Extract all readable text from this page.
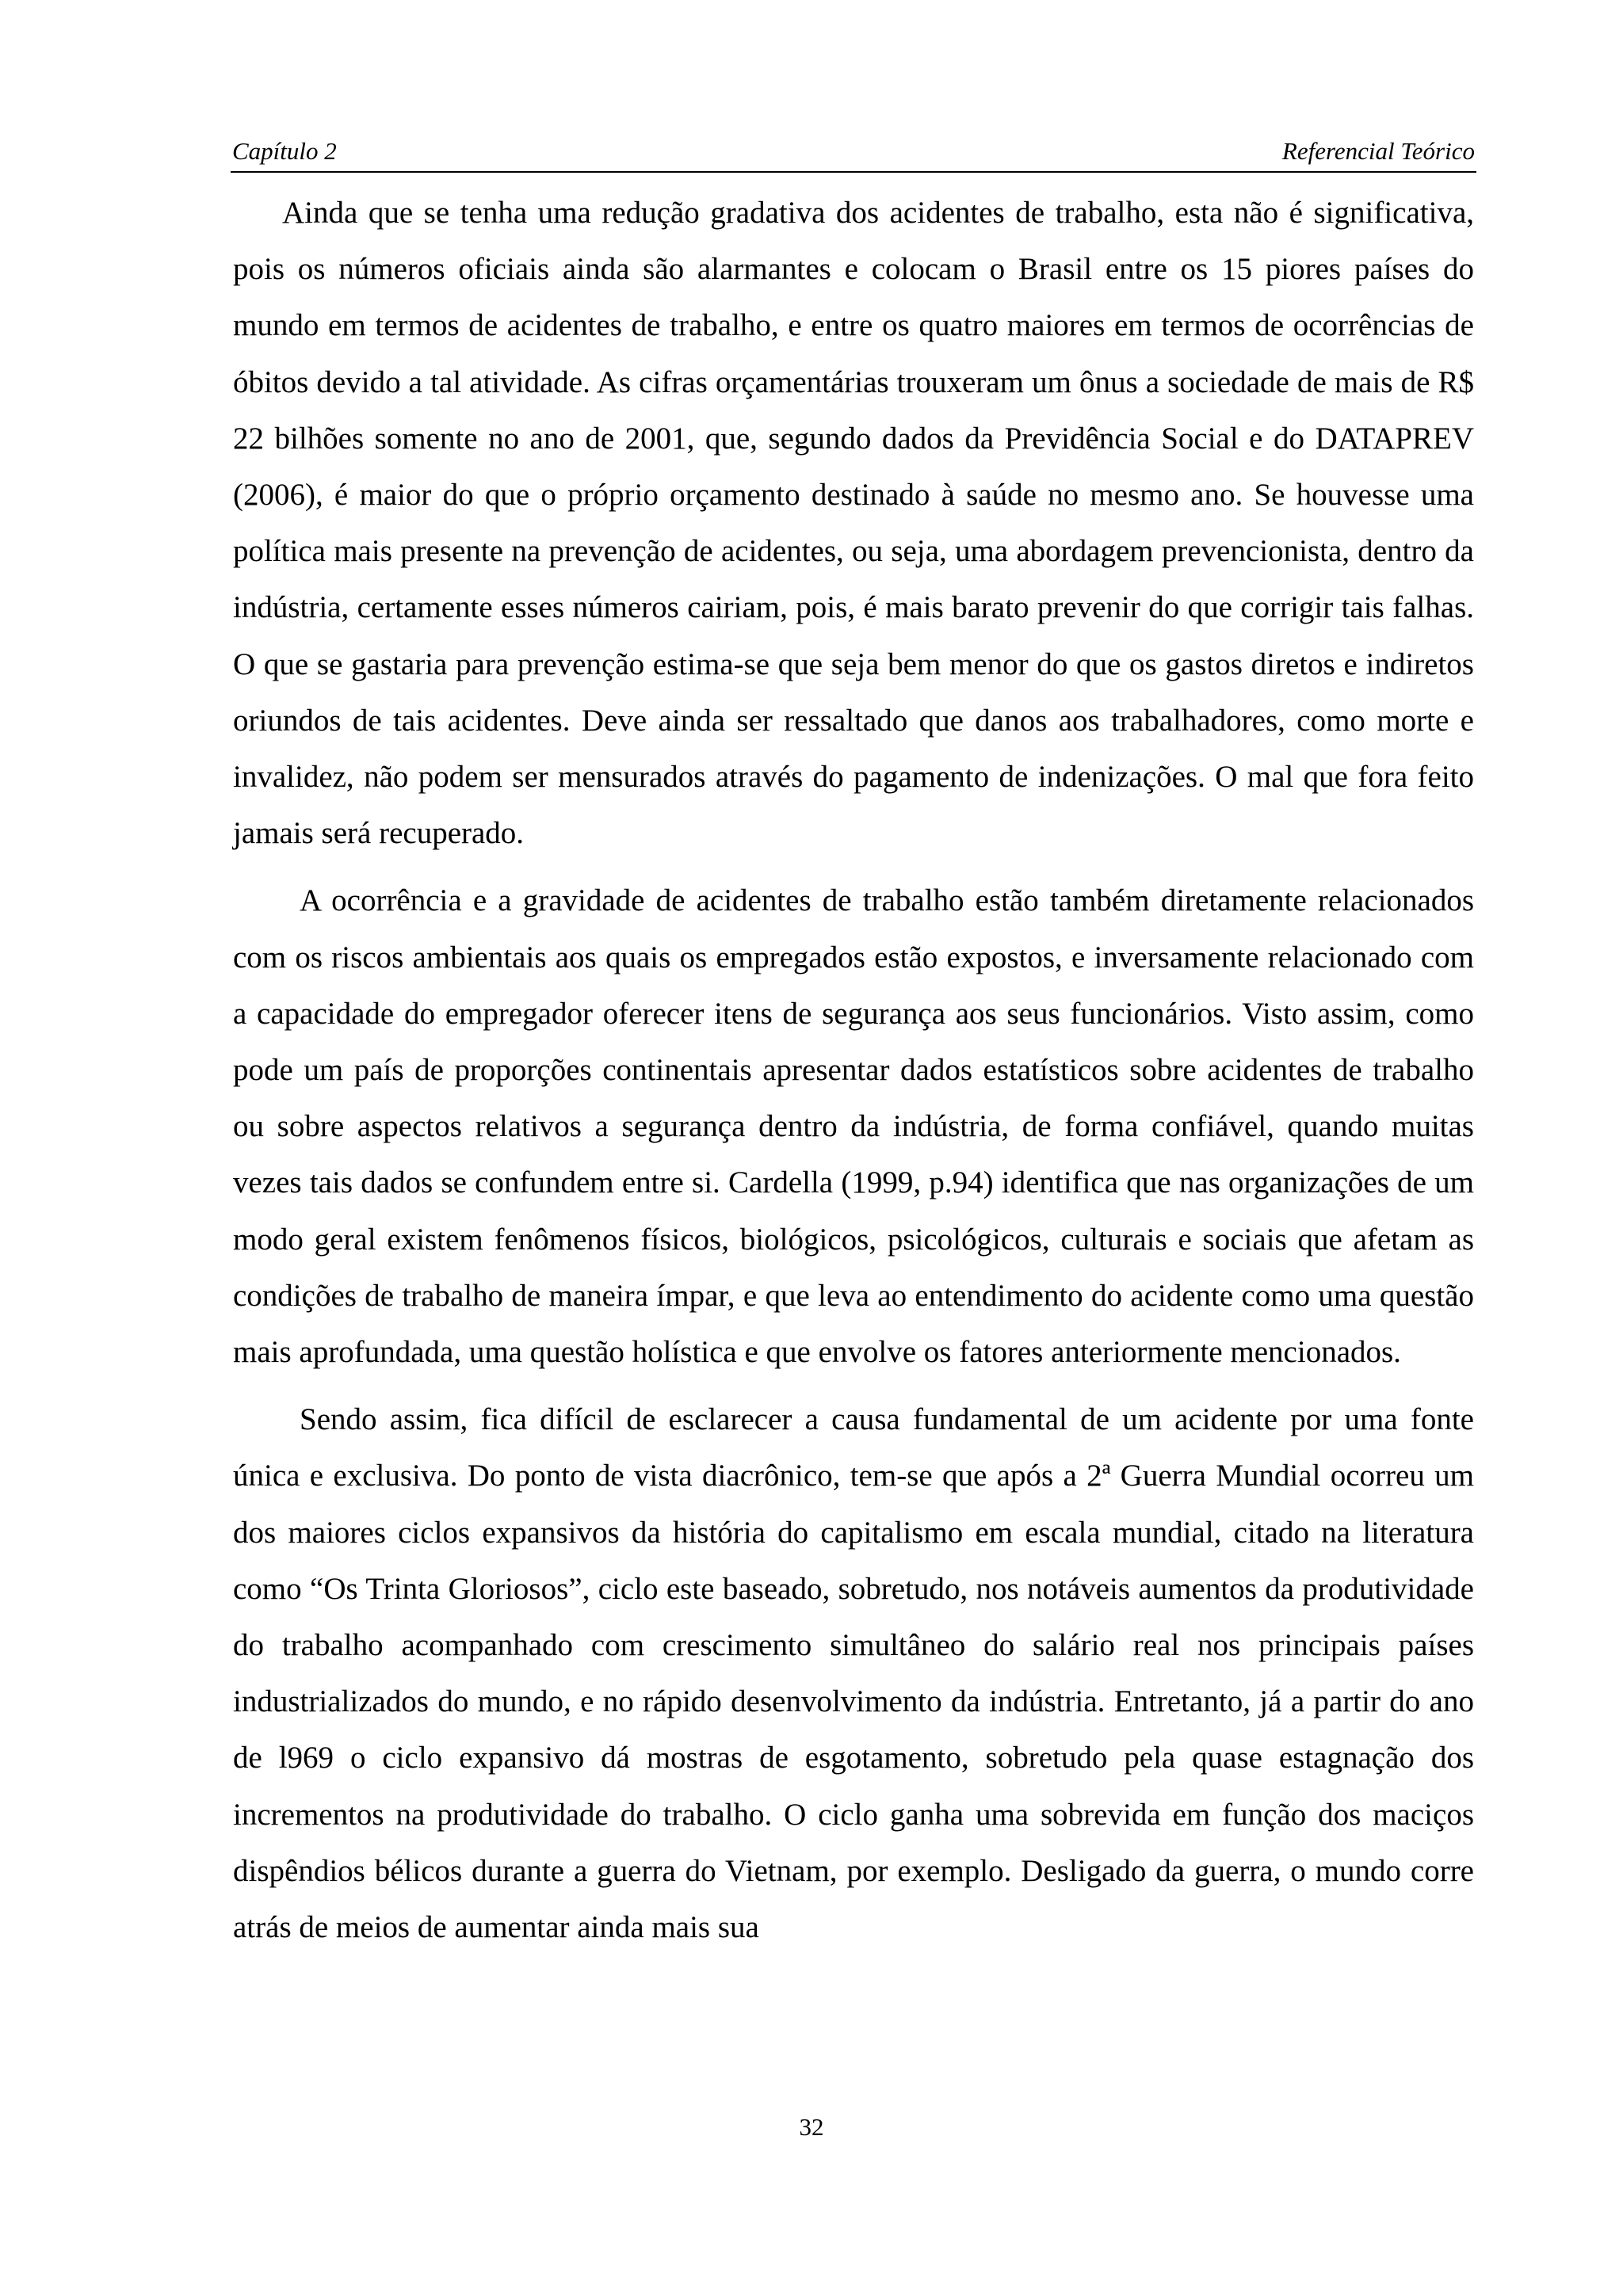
Capítulo 2	Referencial Teórico

Ainda que se tenha uma redução gradativa dos acidentes de trabalho, esta não é significativa, pois os números oficiais ainda são alarmantes e colocam o Brasil entre os 15 piores países do mundo em termos de acidentes de trabalho, e entre os quatro maiores em termos de ocorrências de óbitos devido a tal atividade. As cifras orçamentárias trouxeram um ônus a sociedade de mais de R$ 22 bilhões somente no ano de 2001, que, segundo dados da Previdência Social e do DATAPREV (2006), é maior do que o próprio orçamento destinado à saúde no mesmo ano. Se houvesse uma política mais presente na prevenção de acidentes, ou seja, uma abordagem prevencionista, dentro da indústria, certamente esses números cairiam, pois, é mais barato prevenir do que corrigir tais falhas. O que se gastaria para prevenção estima-se que seja bem menor do que os gastos diretos e indiretos oriundos de tais acidentes. Deve ainda ser ressaltado que danos aos trabalhadores, como morte e invalidez, não podem ser mensurados através do pagamento de indenizações. O mal que fora feito jamais será recuperado.

A ocorrência e a gravidade de acidentes de trabalho estão também diretamente relacionados com os riscos ambientais aos quais os empregados estão expostos, e inversamente relacionado com a capacidade do empregador oferecer itens de segurança aos seus funcionários. Visto assim, como pode um país de proporções continentais apresentar dados estatísticos sobre acidentes de trabalho ou sobre aspectos relativos a segurança dentro da indústria, de forma confiável, quando muitas vezes tais dados se confundem entre si. Cardella (1999, p.94) identifica que nas organizações de um modo geral existem fenômenos físicos, biológicos, psicológicos, culturais e sociais que afetam as condições de trabalho de maneira ímpar, e que leva ao entendimento do acidente como uma questão mais aprofundada, uma questão holística e que envolve os fatores anteriormente mencionados.

Sendo assim, fica difícil de esclarecer a causa fundamental de um acidente por uma fonte única e exclusiva. Do ponto de vista diacrônico, tem-se que após a 2ª Guerra Mundial ocorreu um dos maiores ciclos expansivos da história do capitalismo em escala mundial, citado na literatura como “Os Trinta Gloriosos”, ciclo este baseado, sobretudo, nos notáveis aumentos da produtividade do trabalho acompanhado com crescimento simultâneo do salário real nos principais países industrializados do mundo, e no rápido desenvolvimento da indústria. Entretanto, já a partir do ano de l969 o ciclo expansivo dá mostras de esgotamento, sobretudo pela quase estagnação dos incrementos na produtividade do trabalho. O ciclo ganha uma sobrevida em função dos maciços dispêndios bélicos durante a guerra do Vietnam, por exemplo. Desligado da guerra, o mundo corre atrás de meios de aumentar ainda mais sua

32
